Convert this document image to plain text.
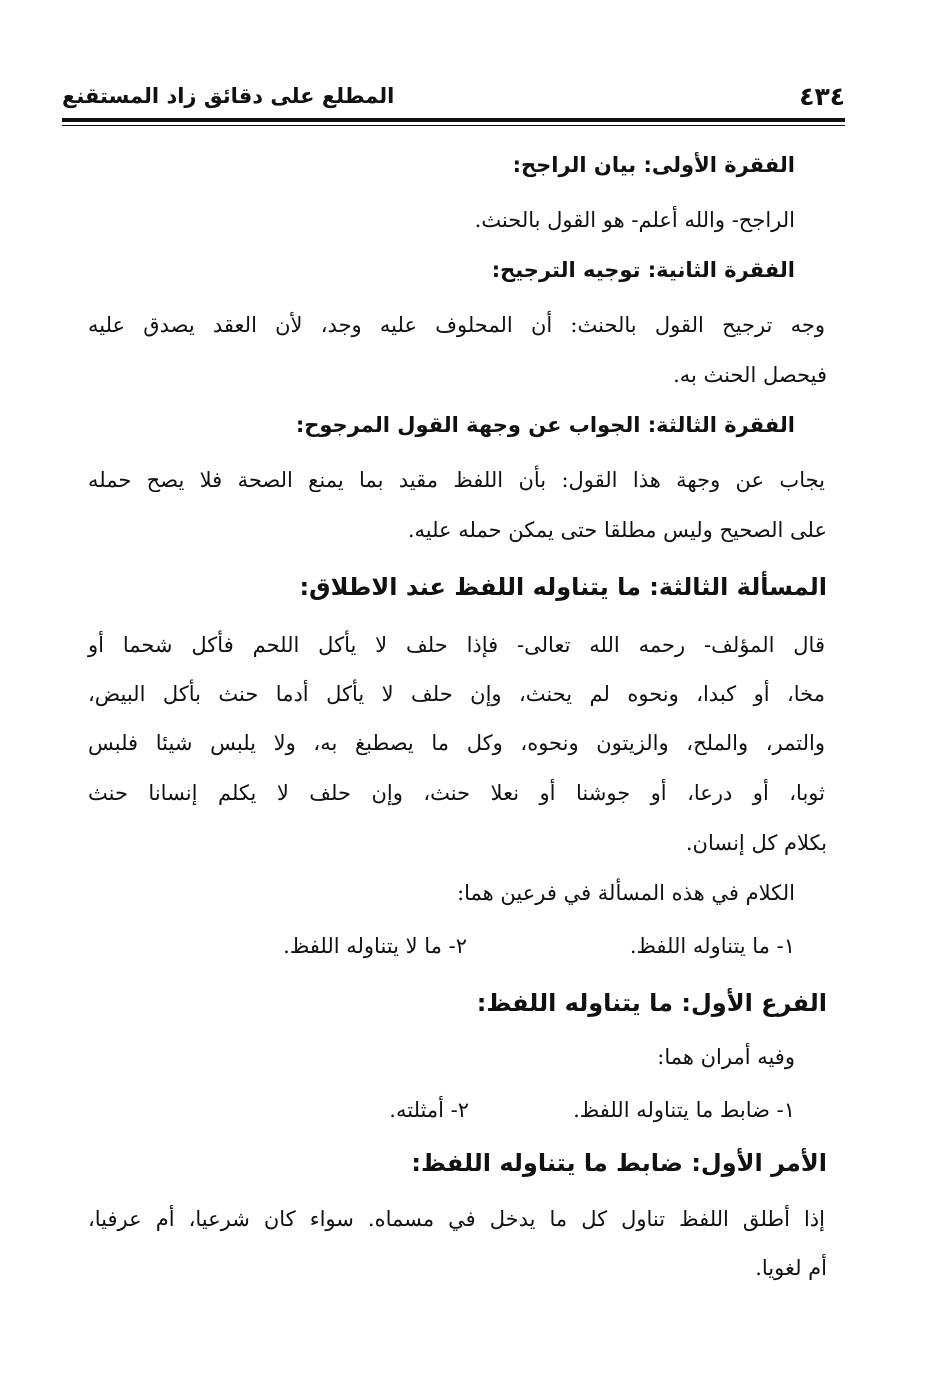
٤٣٤
المطلع على دقائق زاد المستقنع
الفقرة الأولى: بيان الراجح:
الراجح- والله أعلم- هو القول بالحنث.
الفقرة الثانية: توجيه الترجيح:
وجه ترجيح القول بالحنث: أن المحلوف عليه وجد، لأن العقد يصدق عليه
فيحصل الحنث به.
الفقرة الثالثة: الجواب عن وجهة القول المرجوح:
يجاب عن وجهة هذا القول: بأن اللفظ مقيد بما يمنع الصحة فلا يصح حمله
على الصحيح وليس مطلقا حتى يمكن حمله عليه.
المسألة الثالثة: ما يتناوله اللفظ عند الاطلاق:
قال المؤلف- رحمه الله تعالى- فإذا حلف لا يأكل اللحم فأكل شحما أو
مخا، أو كبدا، ونحوه لم يحنث، وإن حلف لا يأكل أدما حنث بأكل البيض،
والتمر، والملح، والزيتون ونحوه، وكل ما يصطبغ به، ولا يلبس شيئا فلبس
ثوبا، أو درعا، أو جوشنا أو نعلا حنث، وإن حلف لا يكلم إنسانا حنث
بكلام كل إنسان.
الكلام في هذه المسألة في فرعين هما:
١- ما يتناوله اللفظ.
٢- ما لا يتناوله اللفظ.
الفرع الأول: ما يتناوله اللفظ:
وفيه أمران هما:
١- ضابط ما يتناوله اللفظ.
٢- أمثلته.
الأمر الأول: ضابط ما يتناوله اللفظ:
إذا أطلق اللفظ تناول كل ما يدخل في مسماه. سواء كان شرعيا، أم عرفيا،
أم لغويا.
